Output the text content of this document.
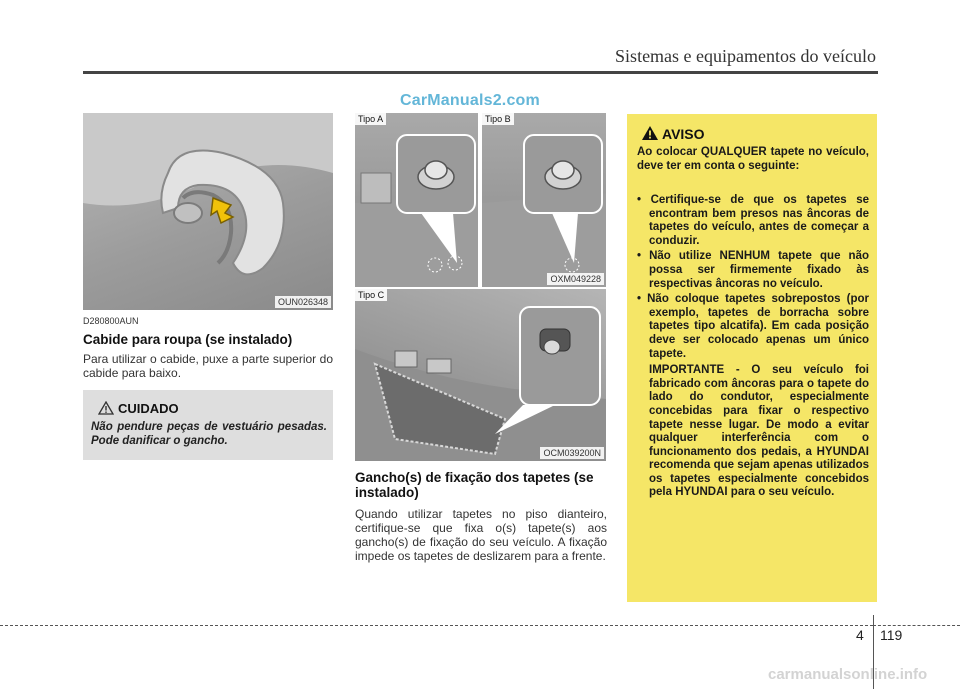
Sistemas e equipamentos do veículo
CarManuals2.com
OUN026348
D280800AUN
Cabide para roupa (se instalado)
Para utilizar o cabide, puxe a parte superior do cabide para baixo.
CUIDADO
Não pendure peças de vestuário pesadas. Pode danificar o gancho.
Tipo A	Tipo B
OXM049228
Tipo C
OCM039200N
Gancho(s) de fixação dos tapetes (se instalado)
Quando utilizar tapetes no piso dianteiro, certifique-se que fixa o(s) tapete(s) aos gancho(s) de fixação do seu veículo. A fixação impede os tapetes de deslizarem para a frente.
AVISO
Ao colocar QUALQUER tapete no veículo, deve ter em conta o seguinte:
• Certifique-se de que os tapetes se encontram bem presos nas âncoras de tapetes do veículo, antes de começar a conduzir.
• Não utilize NENHUM tapete que não possa ser firmemente fixado às respectivas âncoras no veículo.
• Não coloque tapetes sobrepostos (por exemplo, tapetes de borracha sobre tapetes tipo alcatifa). Em cada posição deve ser colocado apenas um único tapete.
IMPORTANTE - O seu veículo foi fabricado com âncoras para o tapete do lado do condutor, especialmente concebidas para fixar o respectivo tapete nesse lugar. De modo a evitar qualquer interferência com o funcionamento dos pedais, a HYUNDAI recomenda que sejam apenas utilizados os tapetes especialmente concebidos pela HYUNDAI para o seu veículo.
4 119
carmanualsonline.info
